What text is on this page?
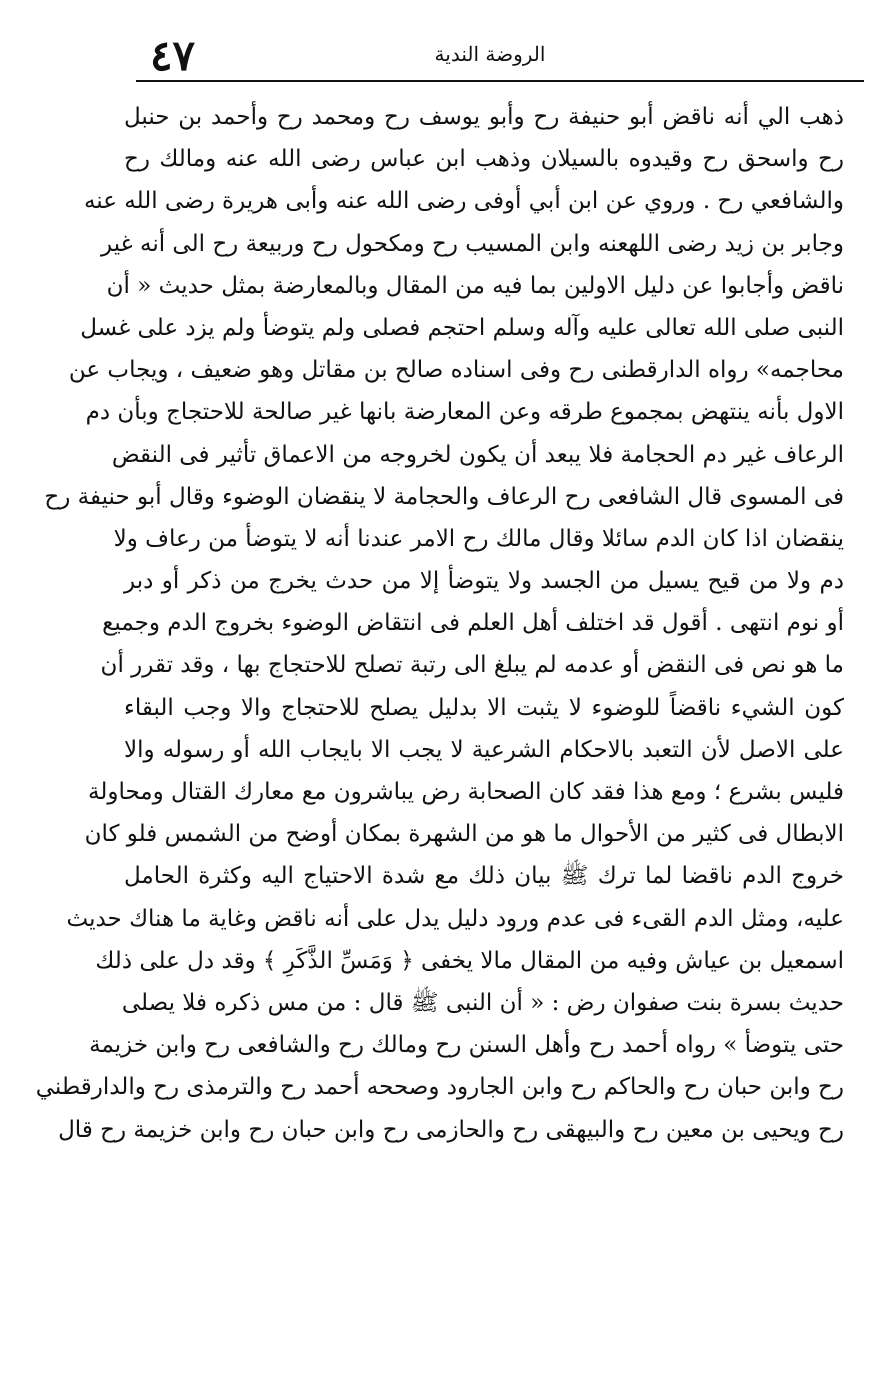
٤٧	الروضة الندية
ذهب الي أنه ناقض أبو حنيفة رح وأبو يوسف رح ومحمد رح وأحمد بن حنبل
رح واسحق رح وقيدوه بالسيلان وذهب ابن عباس رضى الله عنه ومالك رح
والشافعي رح . وروي عن ابن أبي أوفى رضى الله عنه وأبى هريرة رضى الله عنه
وجابر بن زيد رضى اللهعنه وابن المسيب رح ومكحول رح وربيعة رح الى أنه غير
ناقض وأجابوا عن دليل الاولين بما فيه من المقال وبالمعارضة بمثل حديث « أن
النبى صلى الله تعالى عليه وآله وسلم احتجم فصلى ولم يتوضأ ولم يزد على غسل
محاجمه» رواه الدارقطنى رح وفى اسناده صالح بن مقاتل وهو ضعيف ، ويجاب عن
الاول بأنه ينتهض بمجموع طرقه وعن المعارضة بانها غير صالحة للاحتجاج وبأن دم
الرعاف غير دم الحجامة فلا يبعد أن يكون لخروجه من الاعماق تأثير فى النقض
فى المسوى قال الشافعى رح الرعاف والحجامة لا ينقضان الوضوء وقال أبو حنيفة رح
ينقضان اذا كان الدم سائلا وقال مالك رح الامر عندنا أنه لا يتوضأ من رعاف ولا
دم ولا من قيح يسيل من الجسد ولا يتوضأ إلا من حدث يخرج من ذكر أو دبر
أو نوم انتهى . أقول قد اختلف أهل العلم فى انتقاض الوضوء بخروج الدم وجميع
ما هو نص فى النقض أو عدمه لم يبلغ الى رتبة تصلح للاحتجاج بها ، وقد تقرر أن
كون الشيء ناقضاً للوضوء لا يثبت الا بدليل يصلح للاحتجاج والا وجب البقاء
على الاصل لأن التعبد بالاحكام الشرعية لا يجب الا بايجاب الله أو رسوله والا
فليس بشرع ؛ ومع هذا فقد كان الصحابة رض يباشرون مع معارك القتال ومحاولة
الابطال فى كثير من الأحوال ما هو من الشهرة بمكان أوضح من الشمس فلو كان
خروج الدم ناقضا لما ترك ﷺ بيان ذلك مع شدة الاحتياج اليه وكثرة الحامل
عليه، ومثل الدم القىء فى عدم ورود دليل يدل على أنه ناقض وغاية ما هناك حديث
اسمعيل بن عياش وفيه من المقال مالا يخفى ﴿ وَمَسِّ الذَّكَرِ ﴾ وقد دل على ذلك
حديث بسرة بنت صفوان رض : « أن النبى ﷺ قال : من مس ذكره فلا يصلى
حتى يتوضأ » رواه أحمد رح وأهل السنن رح ومالك رح والشافعى رح وابن خزيمة
رح وابن حبان رح والحاكم رح وابن الجارود وصححه أحمد رح والترمذى رح والدارقطني
رح ويحيى بن معين رح والبيهقى رح والحازمى رح وابن حبان رح وابن خزيمة رح قال
